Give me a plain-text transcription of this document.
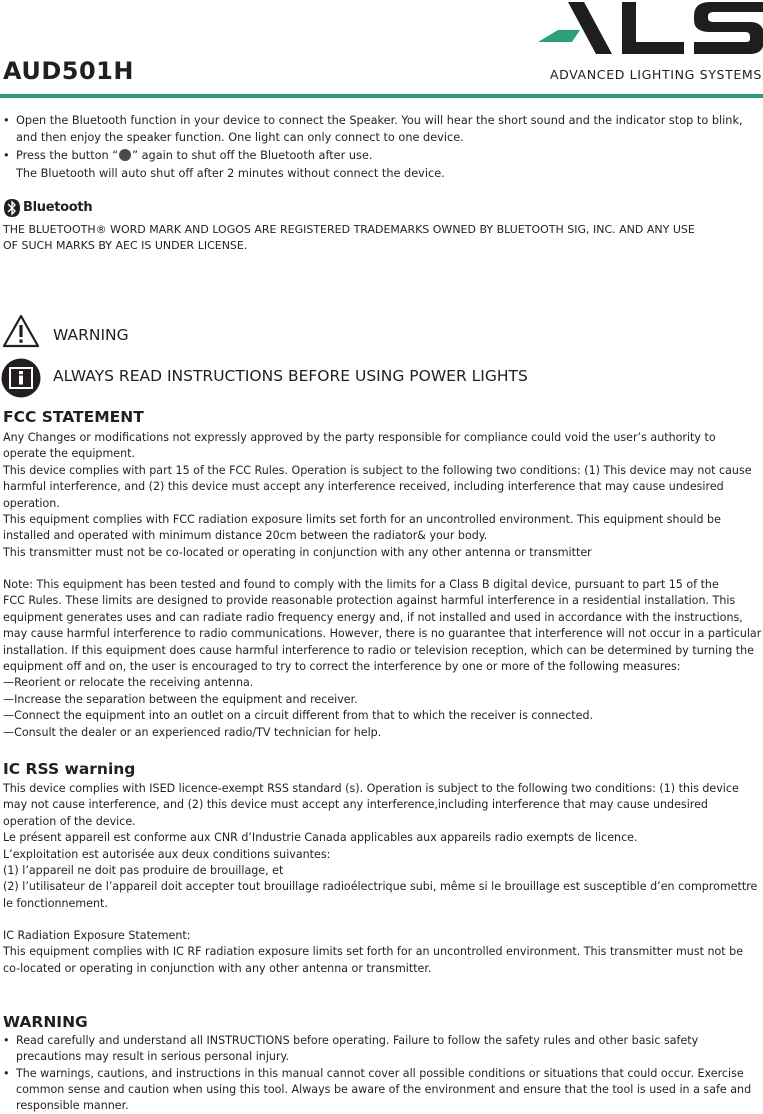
AUD501H	ADVANCED LIGHTING SYSTEMS
• Open the Bluetooth function in your device to connect the Speaker. You will hear the short sound and the indicator stop to blink,
and then enjoy the speaker function. One light can only connect to one device.
• Press the button “ ” again to shut off the Bluetooth after use.
The Bluetooth will auto shut off after 2 minutes without connect the device.
Bluetooth
THE BLUETOOTH® WORD MARK AND LOGOS ARE REGISTERED TRADEMARKS OWNED BY BLUETOOTH SIG, INC. AND ANY USE
OF SUCH MARKS BY AEC IS UNDER LICENSE.
WARNING
ALWAYS READ INSTRUCTIONS BEFORE USING POWER LIGHTS
FCC STATEMENT
Any Changes or modifications not expressly approved by the party responsible for compliance could void the user’s authority to
operate the equipment.
This device complies with part 15 of the FCC Rules. Operation is subject to the following two conditions: (1) This device may not cause
harmful interference, and (2) this device must accept any interference received, including interference that may cause undesired
operation.
This equipment complies with FCC radiation exposure limits set forth for an uncontrolled environment. This equipment should be
installed and operated with minimum distance 20cm between the radiator& your body.
This transmitter must not be co-located or operating in conjunction with any other antenna or transmitter
Note: This equipment has been tested and found to comply with the limits for a Class B digital device, pursuant to part 15 of the
FCC Rules. These limits are designed to provide reasonable protection against harmful interference in a residential installation. This
equipment generates uses and can radiate radio frequency energy and, if not installed and used in accordance with the instructions,
may cause harmful interference to radio communications. However, there is no guarantee that interference will not occur in a particular
installation. If this equipment does cause harmful interference to radio or television reception, which can be determined by turning the
equipment off and on, the user is encouraged to try to correct the interference by one or more of the following measures:
—Reorient or relocate the receiving antenna.
—Increase the separation between the equipment and receiver.
—Connect the equipment into an outlet on a circuit different from that to which the receiver is connected.
—Consult the dealer or an experienced radio/TV technician for help.
IC RSS warning
This device complies with ISED licence-exempt RSS standard (s). Operation is subject to the following two conditions: (1) this device
may not cause interference, and (2) this device must accept any interference,including interference that may cause undesired
operation of the device.
Le présent appareil est conforme aux CNR d’Industrie Canada applicables aux appareils radio exempts de licence.
L’exploitation est autorisée aux deux conditions suivantes:
(1) l’appareil ne doit pas produire de brouillage, et
(2) l’utilisateur de l’appareil doit accepter tout brouillage radioélectrique subi, même si le brouillage est susceptible d’en compromettre
le fonctionnement.
IC Radiation Exposure Statement:
This equipment complies with IC RF radiation exposure limits set forth for an uncontrolled environment. This transmitter must not be
co-located or operating in conjunction with any other antenna or transmitter.
WARNING
• Read carefully and understand all INSTRUCTIONS before operating. Failure to follow the safety rules and other basic safety
precautions may result in serious personal injury.
• The warnings, cautions, and instructions in this manual cannot cover all possible conditions or situations that could occur. Exercise
common sense and caution when using this tool. Always be aware of the environment and ensure that the tool is used in a safe and
responsible manner.
